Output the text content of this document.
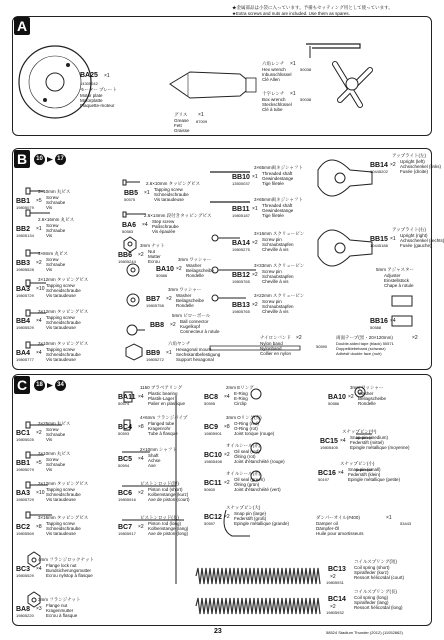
★金属部品は小袋に入っています。予備もセッティング用として使っています。
★Extra screws and nuts are included. Use them as spares.
A
BA25 ×1
14305042
モーター プレート
Motor plate
Motorplatte
Plaquette-moteur
グリス ×1
87009
Grease
Fett
Graisse
六角レンチ ×1
50038
Hex wrench
Inbusschlüssel
Clé Allen
十字レンチ ×1
50038
Box wrench
Steckschlüssel
Clé à tube
B	10	17
3×10mm 丸ビス
BB1 ×5
19805079
Screw
Schraube
Vis
2.6×16mm 丸ビス
BB2 ×1
19805134
Screw
Schraube
Vis
3×8mm 丸ビス
BB3 ×2
19805528
Screw
Schraube
Vis
3×12mm タッピングビス
BA3 ×10
19805729
Tapping screw
Schneidschraube
Vis taraudeuse
3×12mm タッピングビス
BB4 ×4
19805529
Tapping screw
Schneidschraube
Vis taraudeuse
3×10mm タッピングビス
BA4 ×4
19805777
Tapping screw
Schneidschraube
Vis taraudeuse
2.6×10mm タッピングビス
BB5 ×1
50575
Tapping screw
Schneidschraube
Vis taraudeuse
2.6×14mm 段付きタッピングビス
BA6 ×4
50583
Step screw
Paßschraube
Vis épaulée
3mm ナット
BB6 ×2
19805244
Nut
Mutter
Ecrou	3mm ワッシャー
BA10 ×2
50586
Washer
Beilagscheibe
Rondelle
3mm ワッシャー
BB7 ×2
19805758
Washer
Beilagscheibe
Rondelle
5mm ピローボール
BB8 ×2
Ball connector
Kugelkopf
Connecteur à rotule
六角ヤンチ
BB9 ×1
19805272
Hexagonal mount
Sechskantbefestigung
Support hexagonal
3×65mm両ネジシャフト
BB10 ×1
13500037
Threaded shaft
Gewindestange
Tige filetée
3×65mm両ネジシャフト
BB11 ×1
19805187
Threaded shaft
Gewindestange
Tige filetée
3×16mm スクリューピン
BA14 ×2
19805275
Screw pin
Schraubstapfen
Cheville à vis
3×33mm スクリューピン
BB12 ×2
19805765
Screw pin
Schraubstapfen
Cheville à vis
3×22mm スクリューピン
BB13 ×2
19805765
Screw pin
Schraubstapfen
Cheville à vis
アップライト(左)
BB14 ×2
10445202
Upright (left)
Achsschenkel (links)
Fusée (droite)
アップライト(右)
BB15 ×1
10445188
Upright (right)
Achsschenkel (rechts)
Fusée (gauche)
BB16 ×4
50588
5mm アジャスター
Adjuster
Einstellstück
Chape à rotule
ナイロンバンド ×2
50590
Nylon band
Nylonband
Collier en nylon
両面テープ(黒・20×120mm)	×2
Double-sided tape (black) 50571
Doppelklebeband (schwarz)
Adhésif double face (noir)
C	18	34
3×25mm 丸ビス
BC1 ×2
19805025
Screw
Schraube
Vis
3×10mm 丸ビス
BB1 ×5
19805079
Screw
Schraube
Vis
3×12mm タッピングビス
BA3 ×10
19805729
Tapping screw
Schneidschraube
Vis taraudeuse
3×16mm タッピングビス
BC2 ×8
19805569
Tapping screw
Schneidschraube
Vis taraudeuse
4mm フランジロックナット
BC3 ×4
19805529
Flange lock nut
Bundsicherungsmutter
Ecrou nylstop à flasque
3mm フランジナット
BA8 ×3
19805220
Flange nut
Kragenmutter
Ecrou à flasque
1150 ブラベアリング
BA11 ×4
50574
Plastic bearing
Plastik-Lager
Palier en plastique
4×6mm フランジパイプ
BC4 ×8
50593
Flanged tube
Kragenrohr
Tube à flasque
2×10mm シャフト
BC5 ×4
50594
Shaft
Achse
Axe
ピストンロッド(短)
BC6 ×2
19805916
Piston rod (short)
Kolbenstange (kurz)
Axe de piston (court)
ピストンロッド(長)
BC7 ×2
19805917
Piston rod (long)
Kolbenstange (lang)
Axe de piston (long)
2mm Eリング
BC8 ×4
50595
E-Ring
E-Ring
Circlip
3mm Oリング(赤)
BC9 ×8
19805901
O-Ring (red)
O-Ring (rot)
Joint torique (rouge)
オイルシール(赤)
BC10 ×2
19805498
Oil seal (red)
Ölring (rot)
Joint d'étanchéité (rouge)
オイルシール(赤)
BC11 ×2
50600
Oil seal (green)
Ölring (grün)
Joint d'étanchéité (vert)
スナップピン(大)
BC12 ×2
50597
Snap pin (large)
Federstift (groß)
Epingle métallique (grande)
3mm ワッシャー
BA10 ×2
50586
Washer
Beilagscheibe
Rondelle
スナップピン(中)
BC15 ×4
19805405
Snap pin (medium)
Federstift (mittel)
Epingle métallique (moyenne)
スナップピン(小)
BC16 ×4
50197
Snap pin (small)
Federstift (klein)
Epingle métallique (petite)
ダンパーオイル(#400)	×1
53443
Damper oil
Dämpfer-Öl
Huile pour amortisseurs
BC13
×2
19805931
コイルスプリング(短)
Coil spring (short)
Spiralfeder (kurz)
Ressort hélicoïdal (court)
BC14
×2
19805932
コイルスプリング(長)
Coil spring (long)
Spiralfeder (lang)
Ressort hélicoïdal (long)
23	58524 Stadium Thunder (2012) (11052862)
